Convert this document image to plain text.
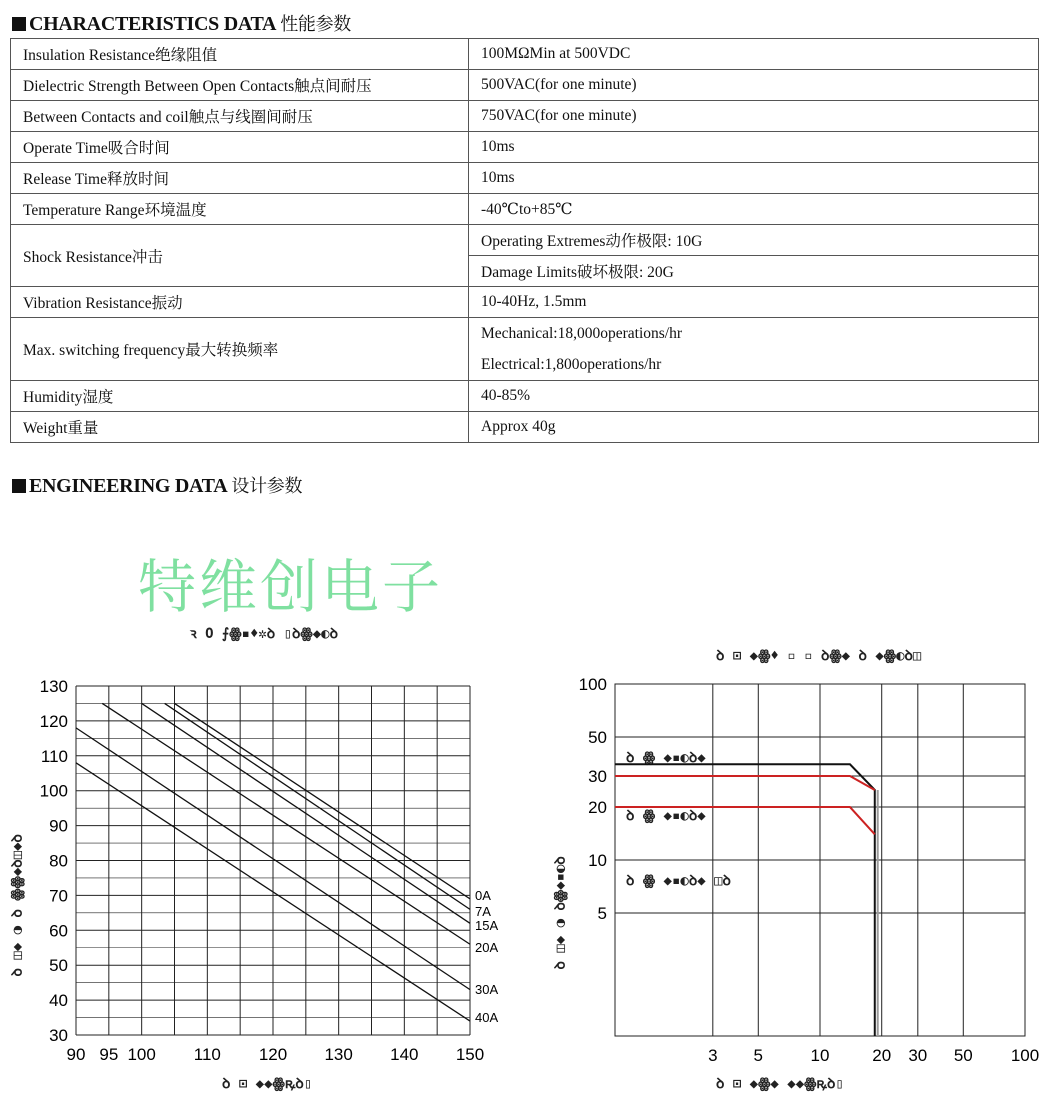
CHARACTERISTICS DATA 性能参数
Insulation Resistance绝缘阻值	100MΩMin at 500VDC
Dielectric Strength Between Open Contacts触点间耐压	500VAC(for one minute)
Between Contacts and coil触点与线圈间耐压	750VAC(for one minute)
Operate Time吸合时间	10ms
Release Time释放时间	10ms
Temperature Range环境温度	-40℃to+85℃
Shock Resistance冲击	Operating Extremes动作极限: 10G
	Damage Limits破坏极限: 20G
Vibration Resistance振动	10-40Hz, 1.5mm
Max. switching frequency最大转换频率	Mechanical:18,000operations/hr
Electrical:1,800operations/hr

Humidity湿度	40-85%
Weight重量	Approx 40g
ENGINEERING DATA 设计参数
特维创电子
ꝛ Ο ⨍ꙮ▪♦✲ꝺ ▯ꝺꙮ◆◐ꝺ
ꝺ ⊡ ◆◆ꙮꝶꝺ▯
ꝺ ◫◆ ◑ ꝺ ꙮꙮ◆ꝺ◫◆ꝺ
90 95 100 110 120 130 140 150
30
40
50
60
70
80
90
100
110
120
130
0A
7A
15A
20A
30A
40A
ꝺ ⊡ ◆ꙮ♦ ▫ ▫ ꝺꙮ◆ ꝺ ◆ꙮ◐ꝺ◫
ꝺ ⊡ ◆ꙮ◆ ◆◆ꙮꝶꝺ▯
ꝺ ◫◆ ◑ ꝺꙮ◆▪◐ꝺ
ꝺ ꙮ ◆▪◐ꝺ◆
ꝺ ꙮ ◆▪◐ꝺ◆
ꝺ ꙮ ◆▪◐ꝺ◆ ◫ꝺ
3 5	10	20 30 50 100
5
10
20
30
50
100
